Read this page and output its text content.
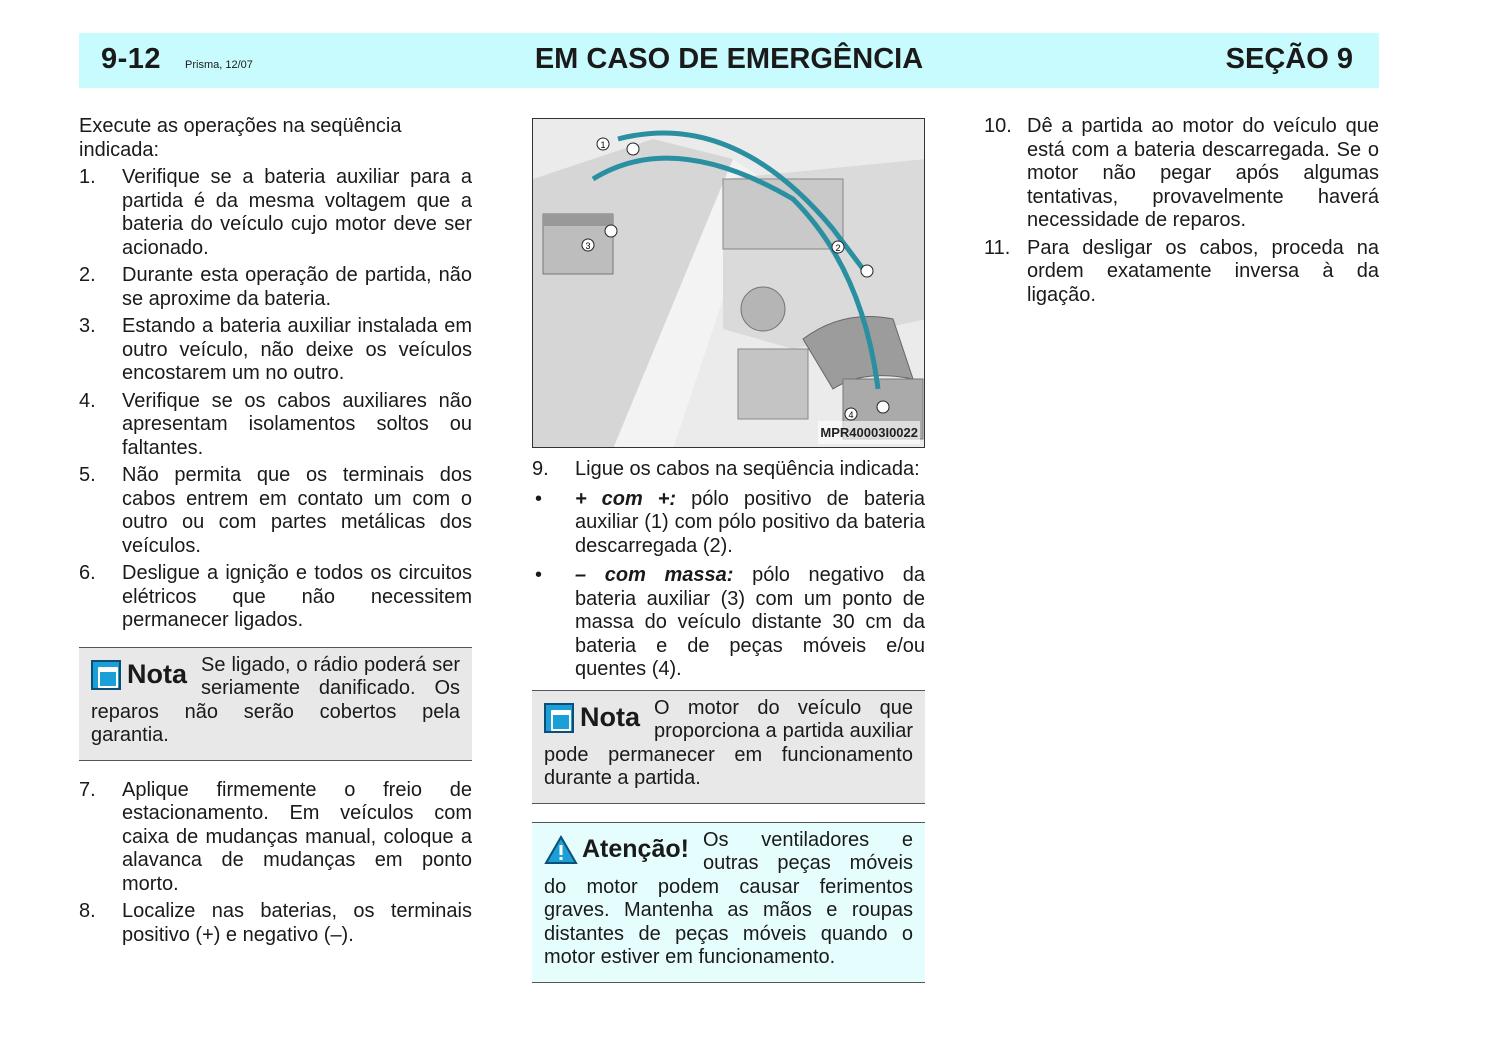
9-12 Prisma, 12/07	EM CASO DE EMERGÊNCIA	SEÇÃO 9

Execute as operações na seqüência indicada:

1. Verifique se a bateria auxiliar para a partida é da mesma voltagem que a bateria do veículo cujo motor deve ser acionado.
2. Durante esta operação de partida, não se aproxime da bateria.
3. Estando a bateria auxiliar instalada em outro veículo, não deixe os veículos encostarem um no outro.
4. Verifique se os cabos auxiliares não apresentam isolamentos soltos ou faltantes.
5. Não permita que os terminais dos cabos entrem em contato um com o outro ou com partes metálicas dos veículos.
6. Desligue a ignição e todos os circuitos elétricos que não necessitem permanecer ligados.
Nota Se ligado, o rádio poderá ser seriamente danificado. Os reparos não serão cobertos pela garantia.
7. Aplique firmemente o freio de estacionamento. Em veículos com caixa de mudanças manual, coloque a alavanca de mudanças em ponto morto.
8. Localize nas baterias, os terminais positivo (+) e negativo (–).
1
2
3
4
MPR40003I0022
9. Ligue os cabos na seqüência indicada:
• + com +: pólo positivo de bateria auxiliar (1) com pólo positivo da bateria descarregada (2).
• – com massa: pólo negativo da bateria auxiliar (3) com um ponto de massa do veículo distante 30 cm da bateria e de peças móveis e/ou quentes (4).
Nota O motor do veículo que proporciona a partida auxiliar pode permanecer em funcionamento durante a partida.
Atenção! Os ventiladores e outras peças móveis do motor podem causar ferimentos graves. Mantenha as mãos e roupas distantes de peças móveis quando o motor estiver em funcionamento.
10. Dê a partida ao motor do veículo que está com a bateria descarregada. Se o motor não pegar após algumas tentativas, provavelmente haverá necessidade de reparos.
11. Para desligar os cabos, proceda na ordem exatamente inversa à da ligação.
